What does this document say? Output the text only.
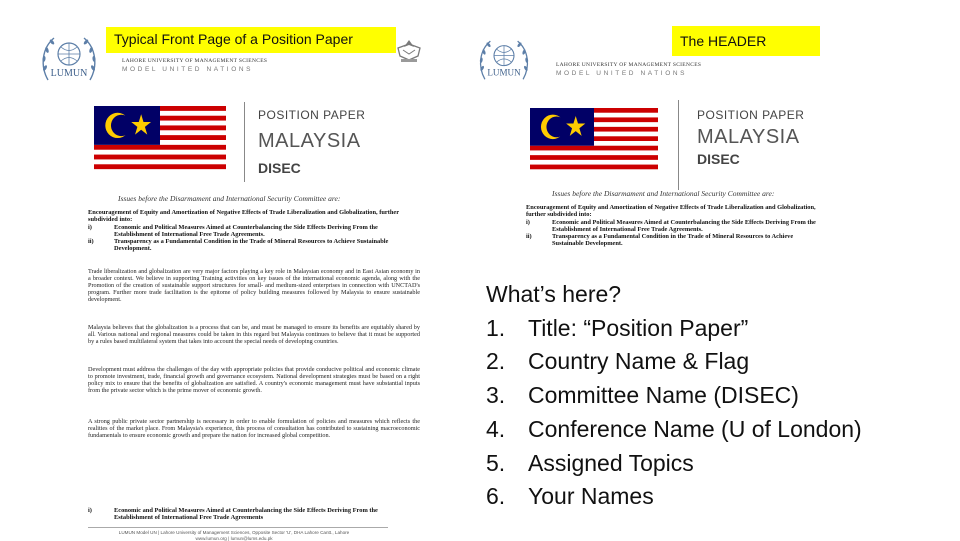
LUMUN
LAHORE UNIVERSITY OF MANAGEMENT SCIENCES
MODEL UNITED NATIONS
POSITION PAPER
MALAYSIA
DISEC
Issues before the Disarmament and International Security Committee are:
Encouragement of Equity and Amortization of Negative Effects of Trade Liberalization and Globalization, further subdivided into:
i)	Economic and Political Measures Aimed at Counterbalancing the Side Effects Deriving From the Establishment of International Free Trade Agreements.
ii)	Transparency as a Fundamental Condition in the Trade of Mineral Resources to Achieve Sustainable Development.
Trade liberalization and globalization are very major factors playing a key role in Malaysian economy and in East Asian economy in a broader context. We believe in supporting Training activities on key issues of the international economic agenda, along with the Promotion of the creation of sustainable support structures for small- and medium-sized enterprises in connection with UNCTAD's program. Further more trade facilitation is the epitome of policy building measures followed by Malaysia to ensure sustainable development.
Malaysia believes that the globalization is a process that can be, and must be managed to ensure its benefits are equitably shared by all. Various national and regional measures could be taken in this regard but Malaysia continues to believe that it must be supported by a rules based multilateral system that takes into account the special needs of developing countries.
Development must address the challenges of the day with appropriate policies that provide conducive political and economic climate to promote investment, trade, financial growth and governance ecosystem. National development strategies must be based on a right policy mix to ensure that the benefits of globalization are satisfied. A country's economic management must have substantial inputs from the private sector which is the prime mover of economic growth.
A strong public private sector partnership is necessary in order to enable formulation of policies and measures which reflects the realities of the market place. From Malaysia's experience, this process of consultation has contributed to sustaining macroeconomic fundamentals to ensure economic growth and prepare the nation for increased global competition.
i)	Economic and Political Measures Aimed at Counterbalancing the Side Effects Deriving From the Establishment of International Free Trade Agreements
LUMUN Model UN | Lahore University of Management Sciences, Opposite Sector 'U', DHA Lahore Cantt., Lahore
www.lumun.org | lumun@lums.edu.pk
LUMUN
LAHORE UNIVERSITY OF MANAGEMENT SCIENCES
MODEL UNITED NATIONS
POSITION PAPER
MALAYSIA
DISEC
Issues before the Disarmament and International Security Committee are:
Encouragement of Equity and Amortization of Negative Effects of Trade Liberalization and Globalization, further subdivided into:
i)	Economic and Political Measures Aimed at Counterbalancing the Side Effects Deriving From the Establishment of International Free Trade Agreements.
ii)	Transparency as a Fundamental Condition in the Trade of Mineral Resources to Achieve Sustainable Development.
Typical Front Page of a Position Paper	The HEADER
What’s here?
1. Title: “Position Paper”
2. Country Name & Flag
3. Committee Name (DISEC)
4. Conference Name (U of London)
5. Assigned Topics
6. Your Names
